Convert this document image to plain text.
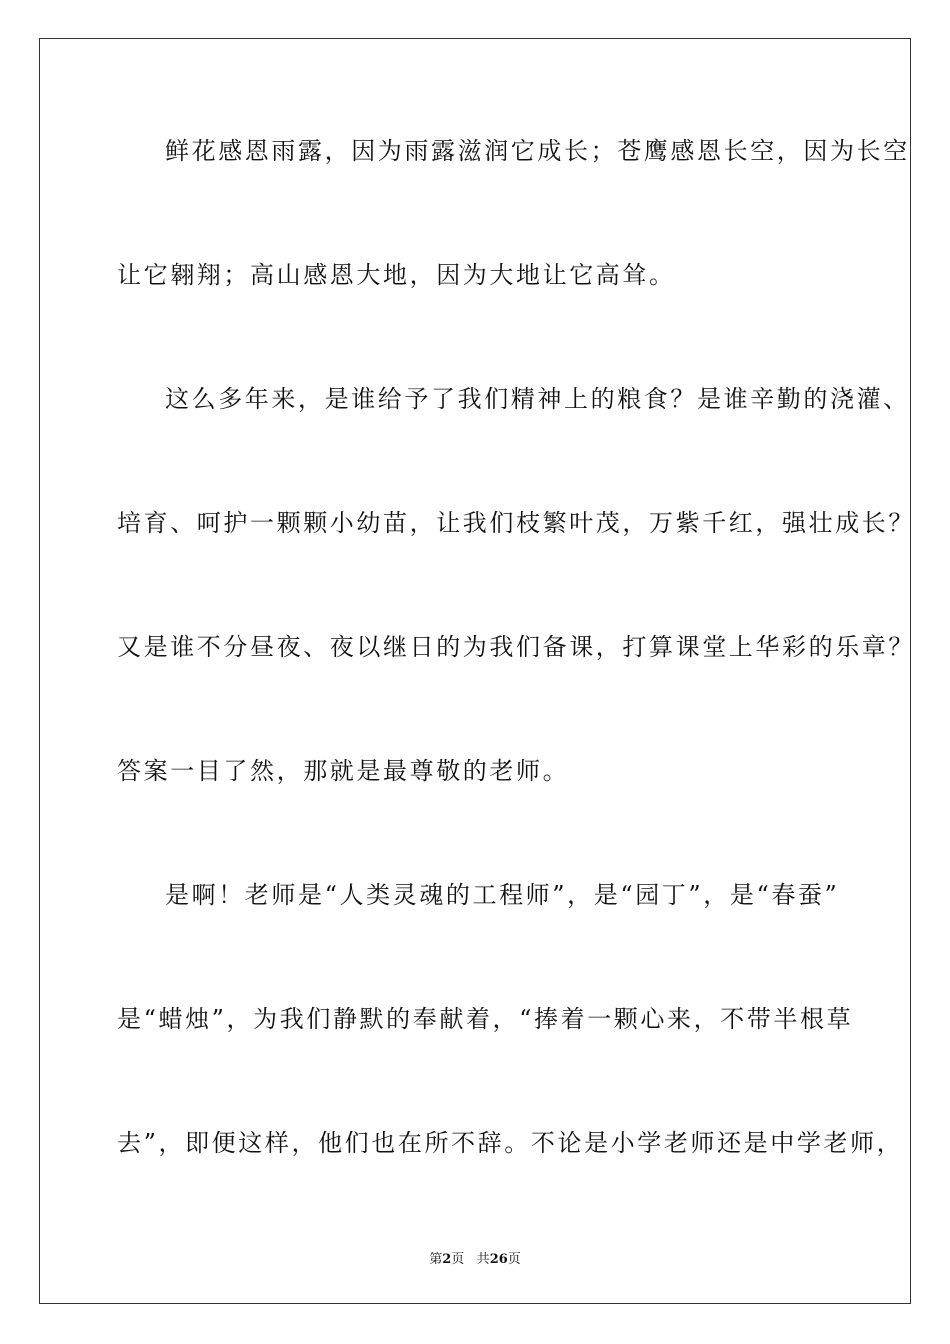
鲜花感恩雨露，因为雨露滋润它成长；苍鹰感恩长空，因为长空
让它翱翔；高山感恩大地，因为大地让它高耸。
这么多年来，是谁给予了我们精神上的粮食？是谁辛勤的浇灌、
培育、呵护一颗颗小幼苗，让我们枝繁叶茂，万紫千红，强壮成长？
又是谁不分昼夜、夜以继日的为我们备课，打算课堂上华彩的乐章？
答案一目了然，那就是最尊敬的老师。
是啊！老师是“人类灵魂的工程师”，是“园丁”，是“春蚕”
是“蜡烛”，为我们静默的奉献着，“捧着一颗心来，不带半根草
去”，即便这样，他们也在所不辞。不论是小学老师还是中学老师，
第2页 共26页
